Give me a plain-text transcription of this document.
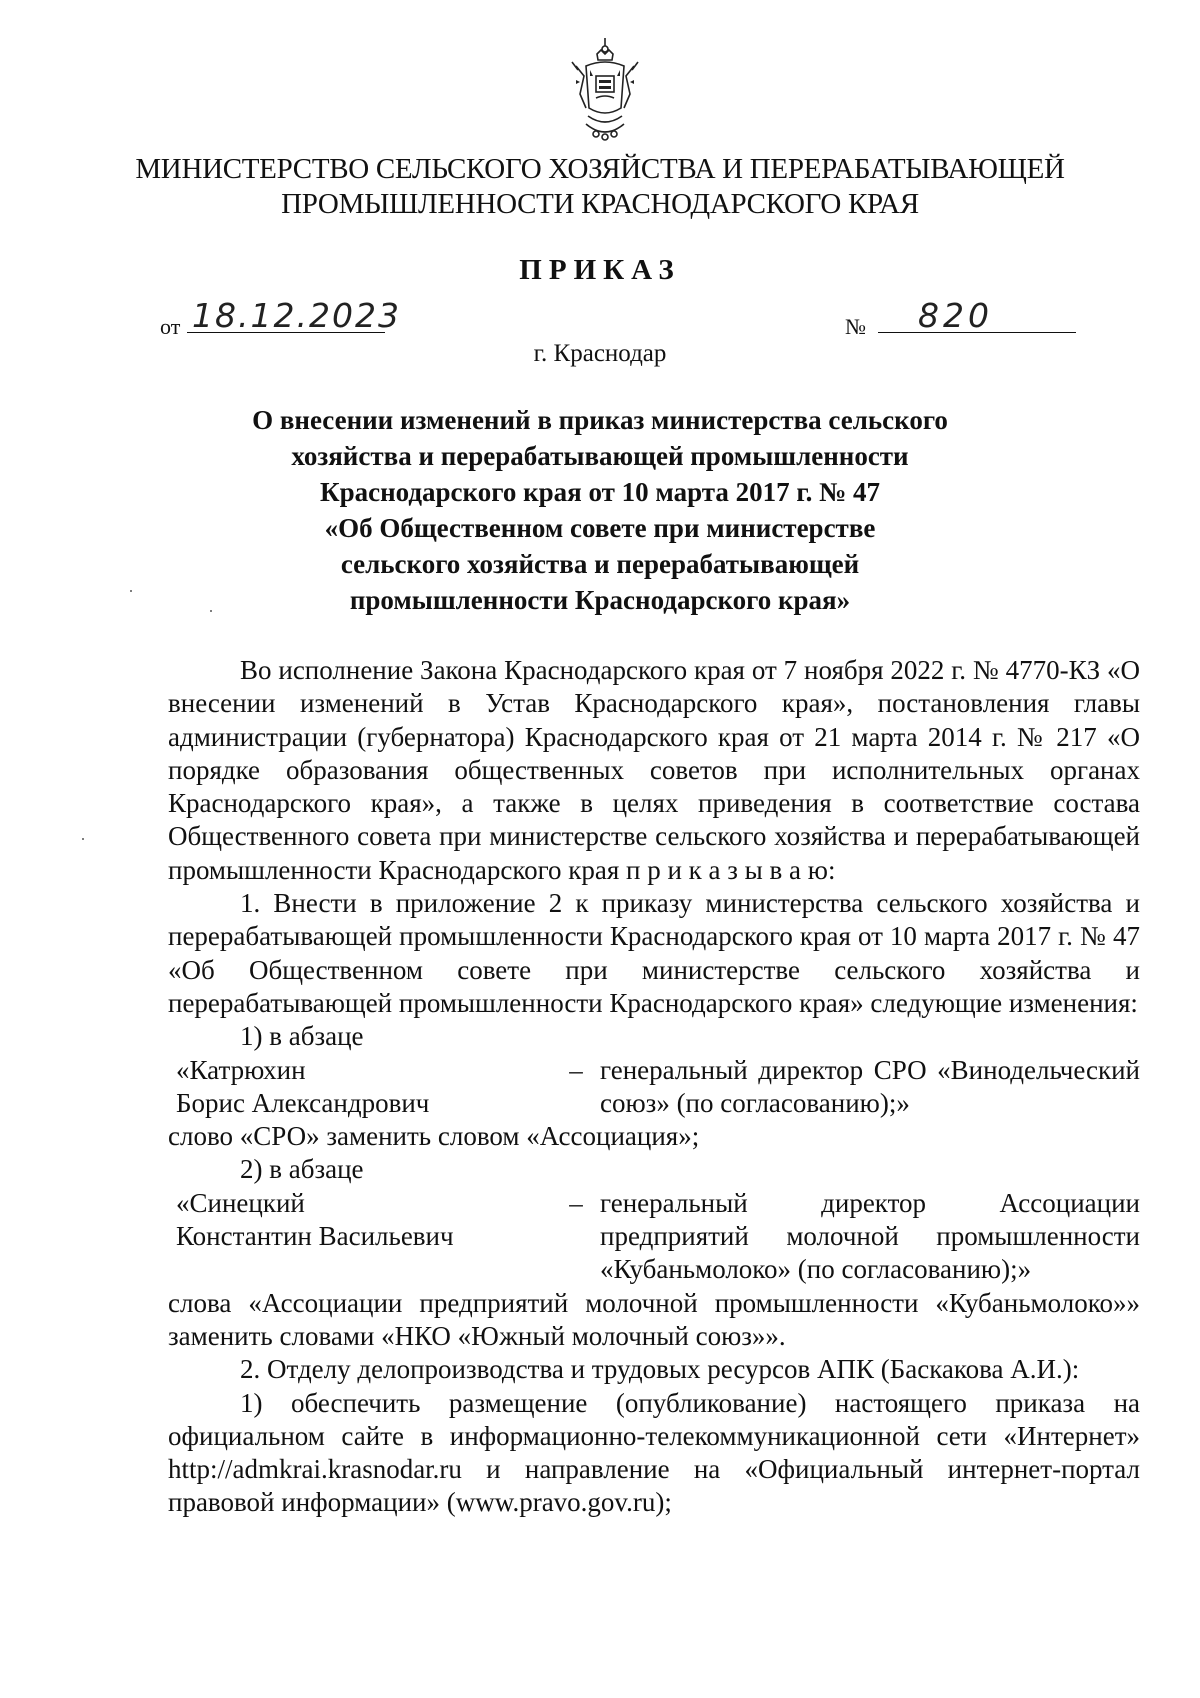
МИНИСТЕРСТВО СЕЛЬСКОГО ХОЗЯЙСТВА И ПЕРЕРАБАТЫВАЮЩЕЙ
ПРОМЫШЛЕННОСТИ КРАСНОДАРСКОГО КРАЯ
ПРИКАЗ
от 18.12.2023	№ 820
г. Краснодар
О внесении изменений в приказ министерства сельского
хозяйства и перерабатывающей промышленности
Краснодарского края от 10 марта 2017 г. № 47
«Об Общественном совете при министерстве
сельского хозяйства и перерабатывающей
промышленности Краснодарского края»

Во исполнение Закона Краснодарского края от 7 ноября 2022 г. № 4770-КЗ «О внесении изменений в Устав Краснодарского края», постановления главы администрации (губернатора) Краснодарского края от 21 марта 2014 г. № 217 «О порядке образования общественных советов при исполнительных органах Краснодарского края», а также в целях приведения в соответствие состава Общественного совета при министерстве сельского хозяйства и перерабатывающей промышленности Краснодарского края п р и к а з ы в а ю:

1. Внести в приложение 2 к приказу министерства сельского хозяйства и перерабатывающей промышленности Краснодарского края от 10 марта 2017 г. № 47 «Об Общественном совете при министерстве сельского хозяйства и перерабатывающей промышленности Краснодарского края» следующие изменения:

1) в абзаце

«Катрюхин
Борис Александрович
– генеральный директор СРО «Винодельческий союз» (по согласованию);»

слово «СРО» заменить словом «Ассоциация»;

2) в абзаце

«Синецкий
Константин Васильевич
– генеральный директор Ассоциации предприятий молочной промышленности «Кубаньмолоко» (по согласованию);»

слова «Ассоциации предприятий молочной промышленности «Кубаньмолоко»» заменить словами «НКО «Южный молочный союз»».

2. Отделу делопроизводства и трудовых ресурсов АПК (Баскакова А.И.):

1) обеспечить размещение (опубликование) настоящего приказа на официальном сайте в информационно-телекоммуникационной сети «Интернет» http://admkrai.krasnodar.ru и направление на «Официальный интернет-портал правовой информации» (www.pravo.gov.ru);
